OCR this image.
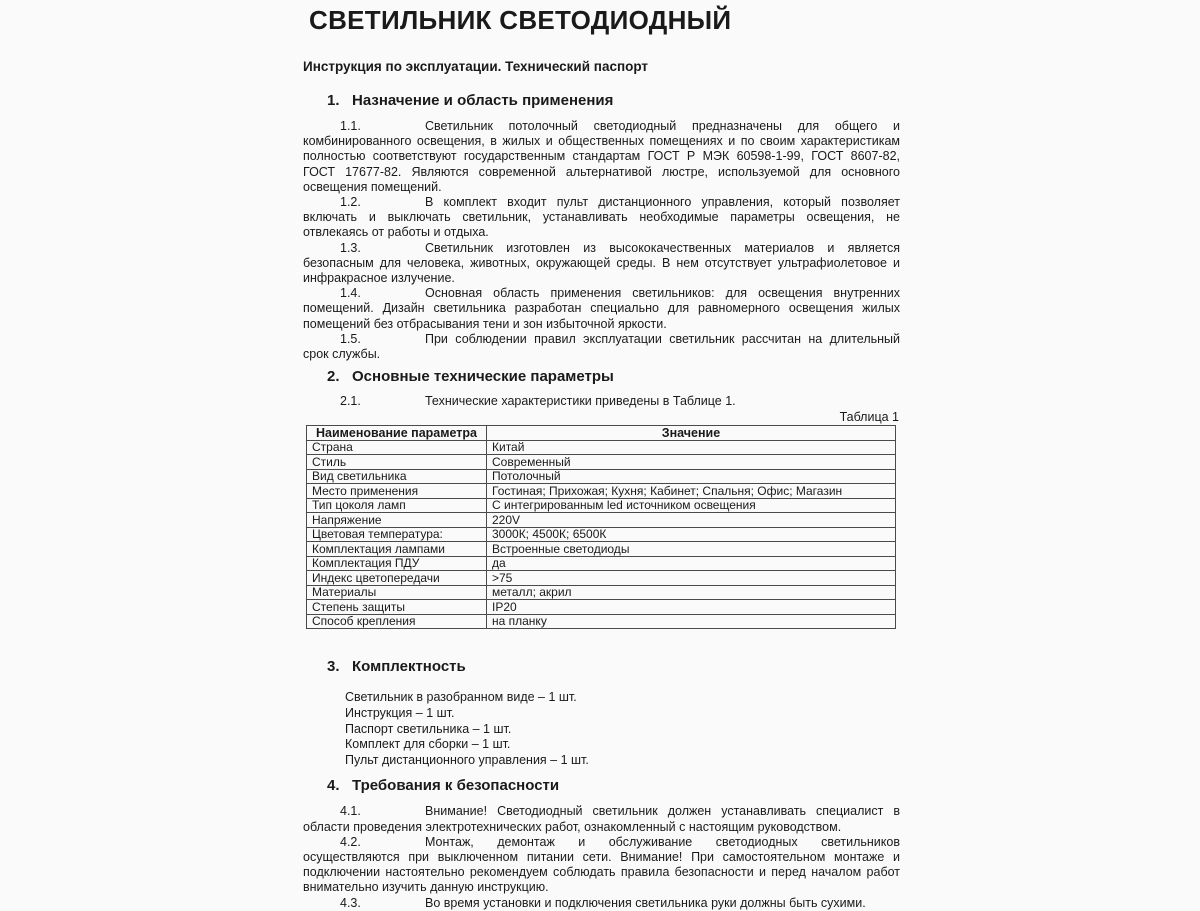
СВЕТИЛЬНИК СВЕТОДИОДНЫЙ
Инструкция по эксплуатации. Технический паспорт
1. Назначение и область применения

1.1.	Светильник потолочный светодиодный предназначены для общего и комбинированного освещения, в жилых и общественных помещениях и по своим характеристикам полностью соответствуют государственным стандартам ГОСТ Р МЭК 60598-1-99, ГОСТ 8607-82, ГОСТ 17677-82. Являются современной альтернативой люстре, используемой для основного освещения помещений.

1.2.	В комплект входит пульт дистанционного управления, который позволяет включать и выключать светильник, устанавливать необходимые параметры освещения, не отвлекаясь от работы и отдыха.

1.3.	Светильник изготовлен из высококачественных материалов и является безопасным для человека, животных, окружающей среды. В нем отсутствует ультрафиолетовое и инфракрасное излучение.

1.4.	Основная область применения светильников: для освещения внутренних помещений. Дизайн светильника разработан специально для равномерного освещения жилых помещений без отбрасывания тени и зон избыточной яркости.

1.5.	При соблюдении правил эксплуатации светильник рассчитан на длительный срок службы.

2. Основные технические параметры

2.1.	Технические характеристики приведены в Таблице 1.

Таблица 1
Наименование параметра	Значение
Страна	Китай
Стиль	Современный
Вид светильника	Потолочный
Место применения	Гостиная; Прихожая; Кухня; Кабинет; Спальня; Офис; Магазин
Тип цоколя ламп	С интегрированным led источником освещения
Напряжение	220V
Цветовая температура:	3000К; 4500К; 6500К
Комплектация лампами	Встроенные светодиоды
Комплектация ПДУ	да
Индекс цветопередачи	>75
Материалы	металл; акрил
Степень защиты	IP20
Способ крепления	на планку
3. Комплектность
Светильник в разобранном виде – 1 шт.
Инструкция – 1 шт.
Паспорт светильника – 1 шт.
Комплект для сборки – 1 шт.
Пульт дистанционного управления – 1 шт.
4. Требования к безопасности

4.1.	Внимание! Светодиодный светильник должен устанавливать специалист в области проведения электротехнических работ, ознакомленный с настоящим руководством.

4.2.	Монтаж, демонтаж и обслуживание светодиодных светильников осуществляются при выключенном питании сети. Внимание! При самостоятельном монтаже и подключении настоятельно рекомендуем соблюдать правила безопасности и перед началом работ внимательно изучить данную инструкцию.

4.3.	Во время установки и подключения светильника руки должны быть сухими.
